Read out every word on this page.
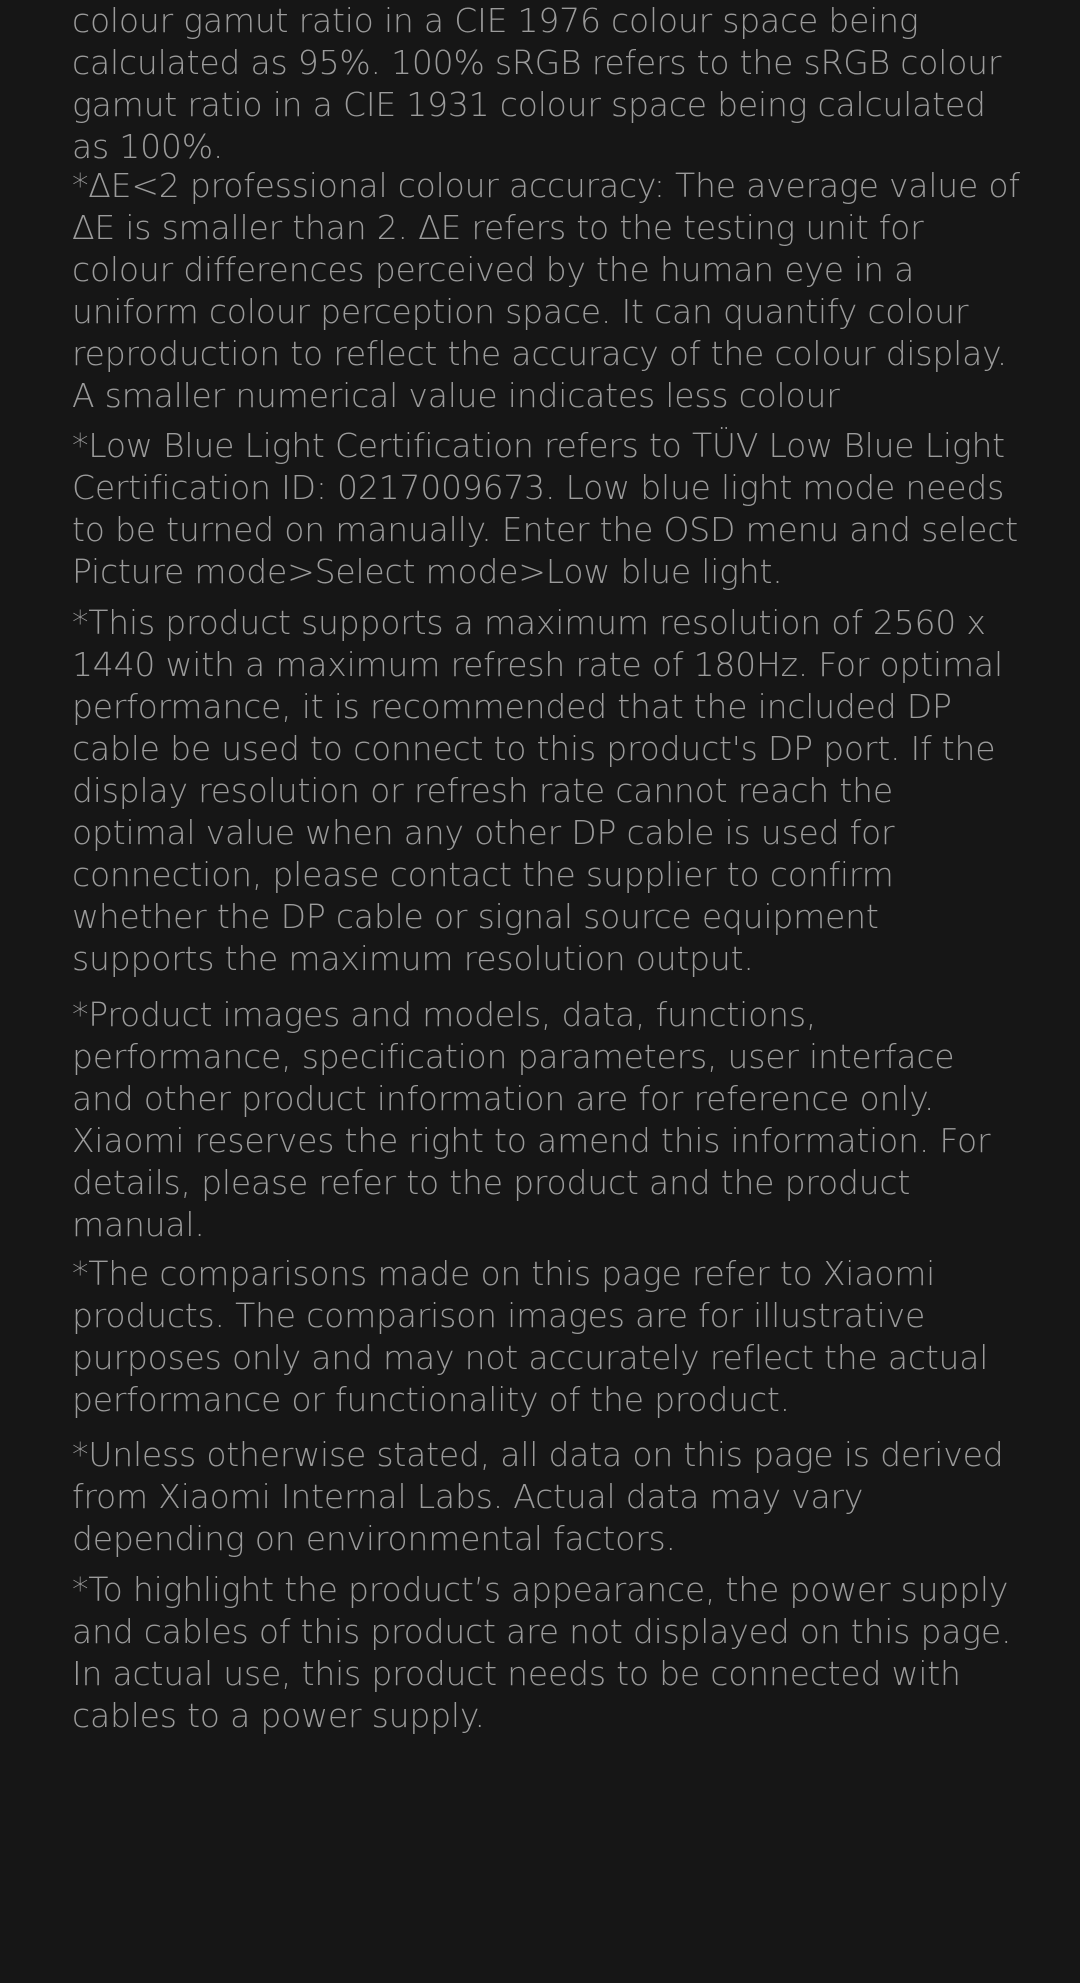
colour gamut ratio in a CIE 1976 colour space being calculated as 95%. 100% sRGB refers to the sRGB colour gamut ratio in a CIE 1931 colour space being calculated as 100%.

*ΔE<2 professional colour accuracy: The average value of ΔE is smaller than 2. ΔE refers to the testing unit for colour differences perceived by the human eye in a uniform colour perception space. It can quantify colour reproduction to reflect the accuracy of the colour display. A smaller numerical value indicates less colour

*Low Blue Light Certification refers to TÜV Low Blue Light Certification ID: 0217009673. Low blue light mode needs to be turned on manually. Enter the OSD menu and select Picture mode>Select mode>Low blue light.

*This product supports a maximum resolution of 2560 x 1440 with a maximum refresh rate of 180Hz. For optimal performance, it is recommended that the included DP cable be used to connect to this product's DP port. If the display resolution or refresh rate cannot reach the optimal value when any other DP cable is used for connection, please contact the supplier to confirm whether the DP cable or signal source equipment supports the maximum resolution output.

*Product images and models, data, functions, performance, specification parameters, user interface and other product information are for reference only. Xiaomi reserves the right to amend this information. For details, please refer to the product and the product manual.

*The comparisons made on this page refer to Xiaomi products. The comparison images are for illustrative purposes only and may not accurately reflect the actual performance or functionality of the product.

*Unless otherwise stated, all data on this page is derived from Xiaomi Internal Labs. Actual data may vary depending on environmental factors.

*To highlight the product’s appearance, the power supply and cables of this product are not displayed on this page. In actual use, this product needs to be connected with cables to a power supply.
